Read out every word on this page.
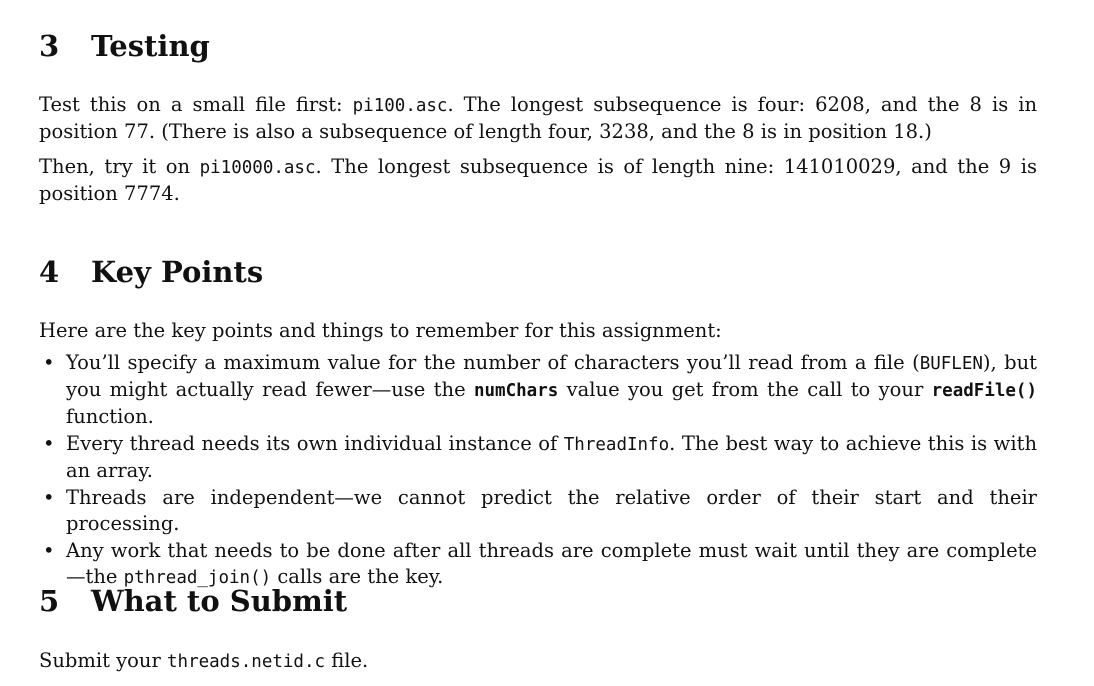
3	Testing

Test this on a small file first: pi100.asc. The longest subsequence is four: 6208, and the 8 is in position 77. (There is also a subsequence of length four, 3238, and the 8 is in position 18.)

Then, try it on pi10000.asc. The longest subsequence is of length nine: 141010029, and the 9 is position 7774.

4	Key Points

Here are the key points and things to remember for this assignment:

• You’ll specify a maximum value for the number of characters you’ll read from a file (BUFLEN), but you might actually read fewer—use the numChars value you get from the call to your readFile() function.
• Every thread needs its own individual instance of ThreadInfo. The best way to achieve this is with an array.
• Threads are independent—we cannot predict the relative order of their start and their processing.
• Any work that needs to be done after all threads are complete must wait until they are complete—the pthread_join() calls are the key.
5	What to Submit

Submit your threads.netid.c file.
